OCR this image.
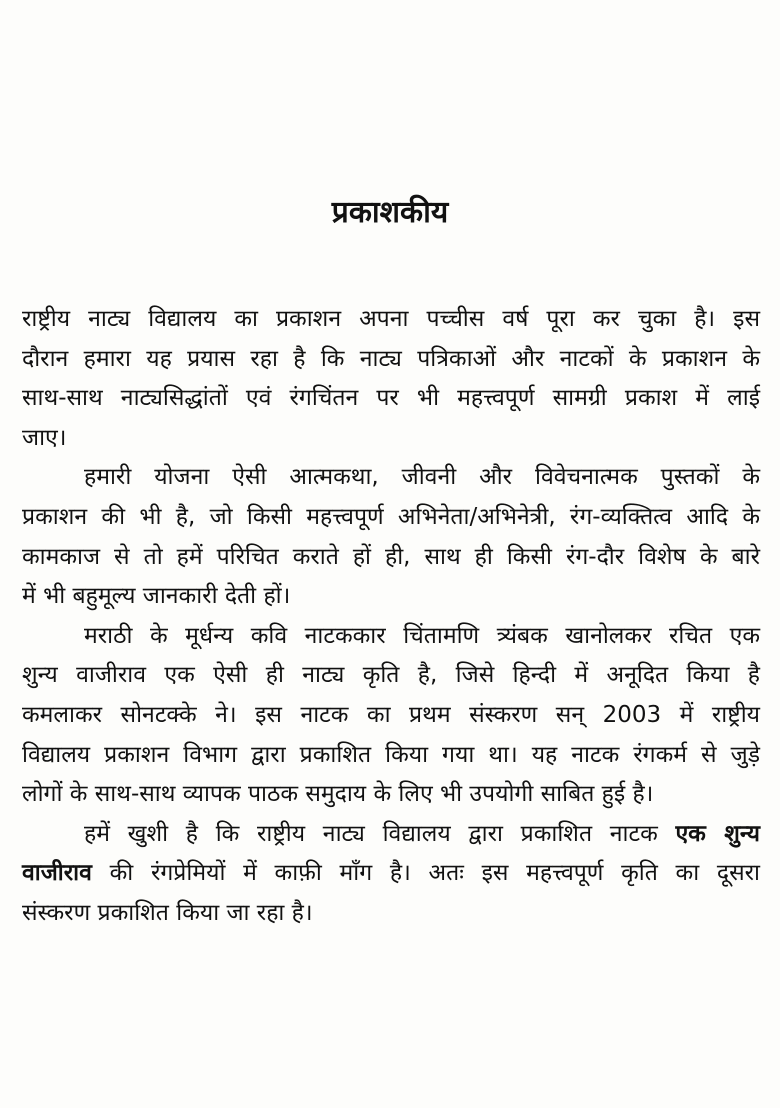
प्रकाशकीय
राष्ट्रीय नाट्य विद्यालय का प्रकाशन अपना पच्चीस वर्ष पूरा कर चुका है। इस
दौरान हमारा यह प्रयास रहा है कि नाट्य पत्रिकाओं और नाटकों के प्रकाशन के
साथ-साथ नाट्यसिद्धांतों एवं रंगचिंतन पर भी महत्त्वपूर्ण सामग्री प्रकाश में लाई
जाए।
हमारी योजना ऐसी आत्मकथा, जीवनी और विवेचनात्मक पुस्तकों के
प्रकाशन की भी है, जो किसी महत्त्वपूर्ण अभिनेता/अभिनेत्री, रंग-व्यक्तित्व आदि के
कामकाज से तो हमें परिचित कराते हों ही, साथ ही किसी रंग-दौर विशेष के बारे
में भी बहुमूल्य जानकारी देती हों।
मराठी के मूर्धन्य कवि नाटककार चिंतामणि त्र्यंबक खानोलकर रचित एक
शुन्य वाजीराव एक ऐसी ही नाट्य कृति है, जिसे हिन्दी में अनूदित किया है
कमलाकर सोनटक्के ने। इस नाटक का प्रथम संस्करण सन् 2003 में राष्ट्रीय
विद्यालय प्रकाशन विभाग द्वारा प्रकाशित किया गया था। यह नाटक रंगकर्म से जुड़े
लोगों के साथ-साथ व्यापक पाठक समुदाय के लिए भी उपयोगी साबित हुई है।
हमें खुशी है कि राष्ट्रीय नाट्य विद्यालय द्वारा प्रकाशित नाटक एक शुन्य
वाजीराव की रंगप्रेमियों में काफ़ी माँग है। अतः इस महत्त्वपूर्ण कृति का दूसरा
संस्करण प्रकाशित किया जा रहा है।
